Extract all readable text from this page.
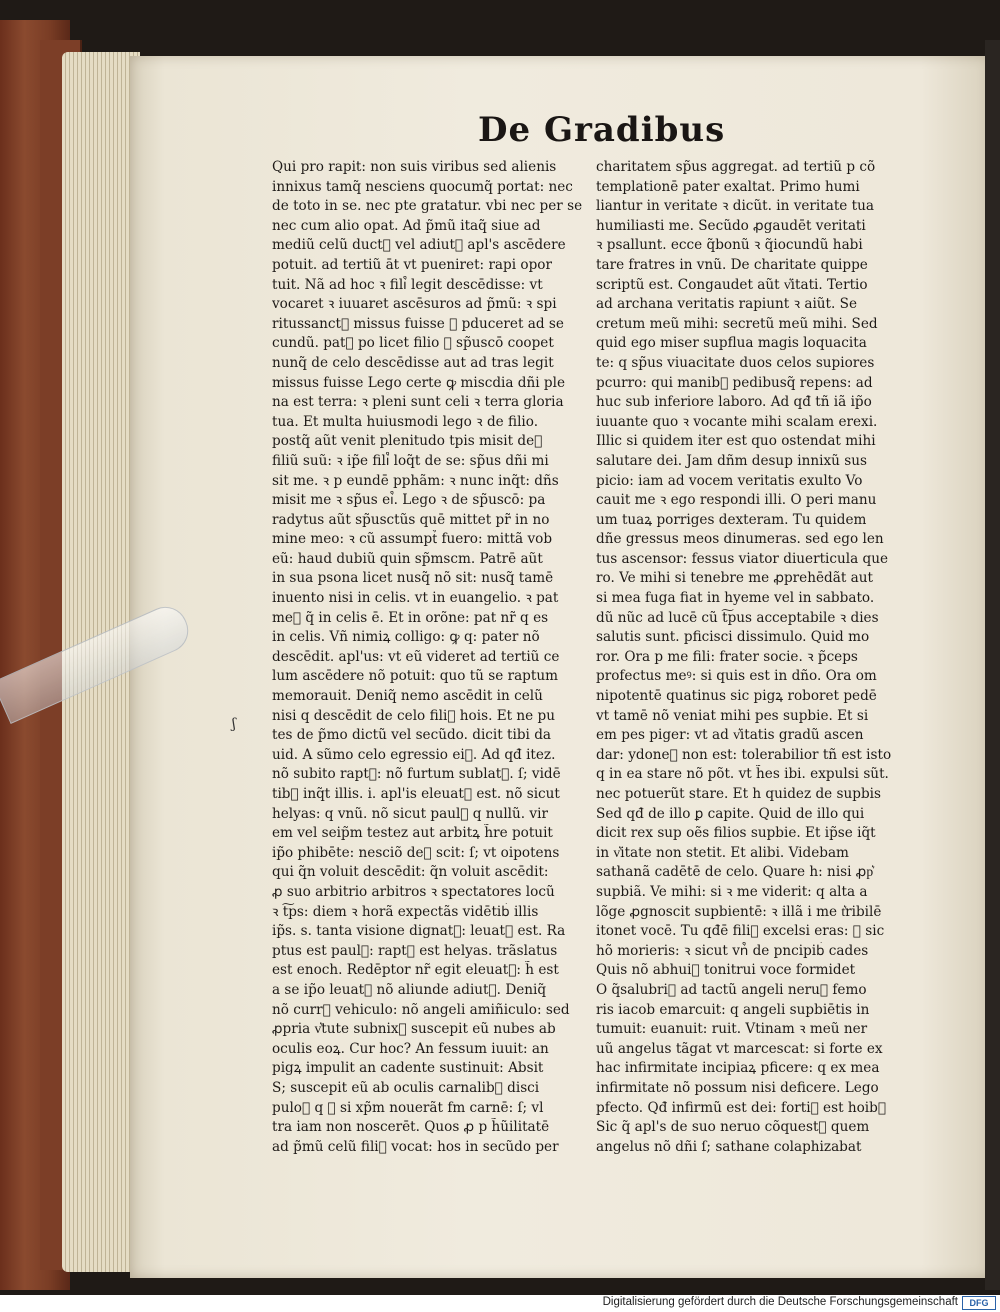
De Gradibus
Qui pro rapit: non suis viribus sed alienis
innixus tamq̃ nesciens quocumq̃ portat: nec
de toto in se. nec pte gratatur. vbi nec per se
nec cum alio opat. Ad p̃mũ itaq̃ siue ad
mediũ celũ duct᷒ vel adiut᷒ apl's ascēdere
potuit. ad tertiũ āt vt pueniret: rapi opor
tuit. Nã ad hoc ꝛ fili᷒ legit descēdisse: vt
vocaret ꝛ iuuaret ascēsuros ad p̃mũ: ꝛ spi
ritussanct᷒ missus fuisse ꝙ pduceret ad se
cundũ. pat᷒ po licet filio ꝛ sp̃uscō coopet
nunq̃ de celo descēdisse aut ad tras legit
missus fuisse Lego certe ꝙ miscdia dñi ple
na est terra: ꝛ pleni sunt celi ꝛ terra gloria
tua. Et multa huiusmodi lego ꝛ de filio.
postq̃ aũt venit plenitudo tpis misit de᷒
filiũ suũ: ꝛ ip̃e fili᷒ loq̃t de se: sp̃us dñi mi
sit me. ꝛ p eundē pphãm: ꝛ nunc inq̃t: dñs
misit me ꝛ sp̃us ei᷒. Lego ꝛ de sp̃uscō: pa
radytus aũt sp̃usctũs quē mittet pr̃ in no
mine meo: ꝛ cũ assumpt᷒ fuero: mittã vob
eũ: haud dubiũ quin sp̃mscm. Patrē aũt
in sua psona licet nusq̃ nõ sit: nusq̃ tamē
inuento nisi in celis. vt in euangelio. ꝛ pat
me᷒ q̃ in celis ē. Et in orõne: pat nr̃ q es
in celis. Vñ nimiꝝ colligo: ꝙ q: pater nõ
descēdit. apl'us: vt eũ videret ad tertiũ ce
lum ascēdere nõ potuit: quo tũ se raptum
memorauit. Deniq̃ nemo ascēdit in celũ
nisi q descēdit de celo fili᷒ hois. Et ne pu
tes de p̃mo dictũ vel secũdo. dicit tibi da
uid. A sũmo celo egressio ei᷒. Ad qđ itez.
nõ subito rapt᷒: nõ furtum sublat᷒. ſ; vidē
tib᷒ inq̃t illis. i. apl'is eleuat᷒ est. nõ sicut
helyas: q vnũ. nõ sicut paul᷒ q nullũ. vir
em vel seip̃m testez aut arbitꝝ h̃re potuit
ip̃o phibēte: nesciõ de᷒ scit: ſ; vt oipotens
qui q̃n voluit descēdit: q̃n voluit ascēdit:
ꝓ suo arbitrio arbitros ꝛ spectatores locũ
ꝛ t͠ps: diem ꝛ horã expectãs vidētib᷒ illis
ip̃s. s. tanta visione dignat᷒: leuat᷒ est. Ra
ptus est paul᷒: rapt᷒ est helyas. trãslatus
est enoch. Redēptor nr̃ egit eleuat᷒: h̃ est
a se ip̃o leuat᷒ nõ aliunde adiut᷒. Deniq̃
nõ curr᷒ vehiculo: nõ angeli amiñiculo: sed
ꝓpria v͛tute subnix᷒ suscepit eũ nubes ab
oculis eoꝝ. Cur hoc? An fessum iuuit: an
pigꝝ impulit an cadente sustinuit: Absit
S; suscepit eũ ab oculis carnalib᷒ disci
pulo᷒ q ꝛ si xp̃m nouerãt fm carnē: ſ; vl
tra iam non noscerēt. Quos ꝓ p h̃ũilitatē
ad p̃mũ celũ fili᷒ vocat: hos in secũdo per
charitatem sp̃us aggregat. ad tertiũ p cõ
templationē pater exaltat. Primo humi
liantur in veritate ꝛ dicũt. in veritate tua
humiliasti me. Secũdo ꝓgaudēt veritati
ꝛ psallunt. ecce q̃bonũ ꝛ q̃iocundũ habi
tare fratres in vnũ. De charitate quippe
scriptũ est. Congaudet aũt v͛itati. Tertio
ad archana veritatis rapiunt ꝛ aiũt. Se
cretum meũ mihi: secretũ meũ mihi. Sed
quid ego miser supflua magis loquacita
te: q sp̃us viuacitate duos celos supiores
pcurro: qui manib᷒ pedibusq̃ repens: ad
huc sub inferiore laboro. Ad qđ tñ iã ip̃o
iuuante quo ꝛ vocante mihi scalam erexi.
Illic si quidem iter est quo ostendat mihi
salutare dei. Jam dñm desup innixũ sus
picio: iam ad vocem veritatis exulto Vo
cauit me ꝛ ego respondi illi. O peri manu
um tuaꝝ porriges dexteram. Tu quidem
dñe gressus meos dinumeras. sed ego len
tus ascensor: fessus viator diuerticula que
ro. Ve mihi si tenebre me ꝓprehēdãt aut
si mea fuga fiat in hyeme vel in sabbato.
dũ nũc ad lucē cũ t͠pus acceptabile ꝛ dies
salutis sunt. pficisci dissimulo. Quid mo
ror. Ora p me fili: frater socie. ꝛ p̃ceps
profectus meꝰ: si quis est in dño. Ora om
nipotentē quatinus sic pigꝝ roboret pedē
vt tamē nõ veniat mihi pes supbie. Et si
em pes piger: vt ad v͛itatis gradũ ascen
dar: ydone᷒ non est: tolerabilior tñ est isto
q in ea stare nõ põt. vt h̃es ibi. expulsi sũt.
nec potuerũt stare. Et h quidez de supbis
Sed qđ de illo ꝑ capite. Quid de illo qui
dicit rex sup oẽs filios supbie. Et ip̃se iq̃t
in v͛itate non stetit. Et alibi. Videbam
sathanã cadētē de celo. Quare h: nisi ꝓp͛
supbiã. Ve mihi: si ꝛ me viderit: q alta a
lõge ꝓgnoscit supbientē: ꝛ illã i me t͛ribilē
itonet vocē. Tu qđē fili᷒ excelsi eras: ꝛ sic
hõ morieris: ꝛ sicut vn᷒ de pncipib᷒ cades
Quis nõ abhui᷒ tonitrui voce formidet
O q̃salubri᷒ ad tactũ angeli neru᷒ femo
ris iacob emarcuit: q angeli supbiētis in
tumuit: euanuit: ruit. Vtinam ꝛ meũ ner
uũ angelus tãgat vt marcescat: si forte ex
hac infirmitate incipiaꝝ pficere: q ex mea
infirmitate nõ possum nisi deficere. Lego
pfecto. Qđ infirmũ est dei: forti᷒ est hoib᷒
Sic q̃ apl's de suo neruo cõquest᷒ quem
angelus nõ dñi ſ; sathane colaphizabat
ʃ
Digitalisierung gefördert durch die Deutsche Forschungsgemeinschaft	DFG
